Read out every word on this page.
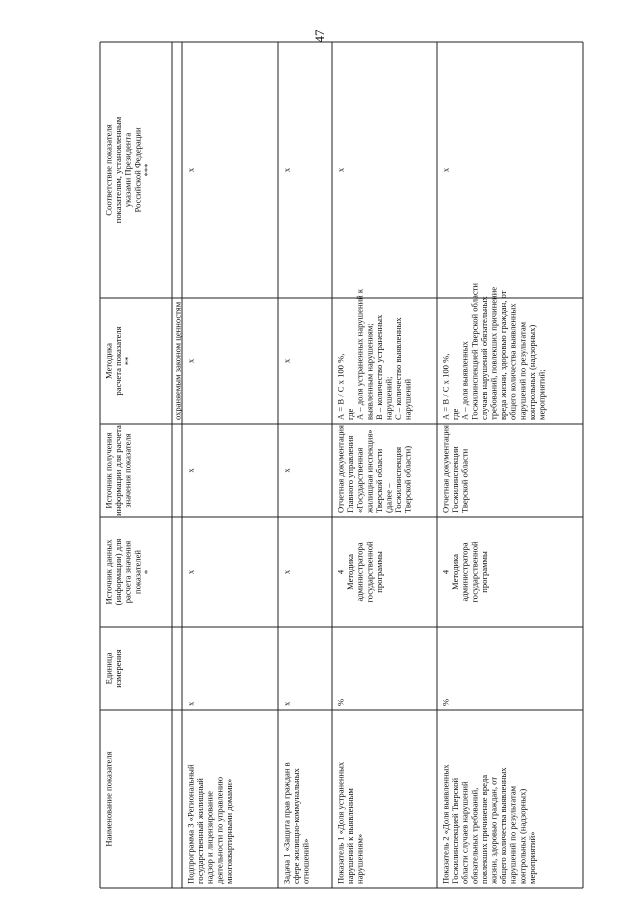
47
Наименование показателя
Единицаизмерения
Источник данных(информации) длярасчета значенияпоказателей*
Источник полученияинформации для расчетазначения показателя
Методикарасчета показателя**
Соответствие показателяпоказателям, установленнымуказами ПрезидентаРоссийской Федерации***
охраняемым законом ценностям
Подпрограмма 3 «Региональныйгосударственный жилищныйнадзор и лицензированиедеятельности по управлениюмногоквартирными домами»
х
х
х
х
х
Задача 1 «Защита прав граждан всфере жилищно-коммунальныхотношений»
х
х
х
х
х
Показатель 1 «Доля устраненныхнарушений к выявленнымнарушениям»
%
4Методикаадминистраторагосударственнойпрограммы
Отчетная документацияГлавного управления«Государственнаяжилищная инспекция»Тверской области(далее –ГосжилинспекцияТверской области)
А = В / С х 100 %,гдеА – доля устраненных нарушений квыявленным нарушениям;В – количество устраненныхнарушений;С – количество выявленныхнарушений
х
Показатель 2 «Доля выявленныхГосжилинспекцией Тверскойобласти случаев нарушенийобязательных требований,повлекших причинение вредажизни, здоровью граждан, отобщего количества выявленныхнарушений по результатамконтрольных (надзорных)мероприятий»
%
4Методикаадминистраторагосударственнойпрограммы
Отчетная документацияГосжилинспекцииТверской области
А = В / С х 100 %,гдеА – доля выявленныхГосжилинспекцией Тверской областислучаев нарушений обязательныхтребований, повлекших причинениевреда жизни, здоровью граждан, отобщего количества выявленныхнарушений по результатамконтрольных (надзорных)мероприятий;
х
